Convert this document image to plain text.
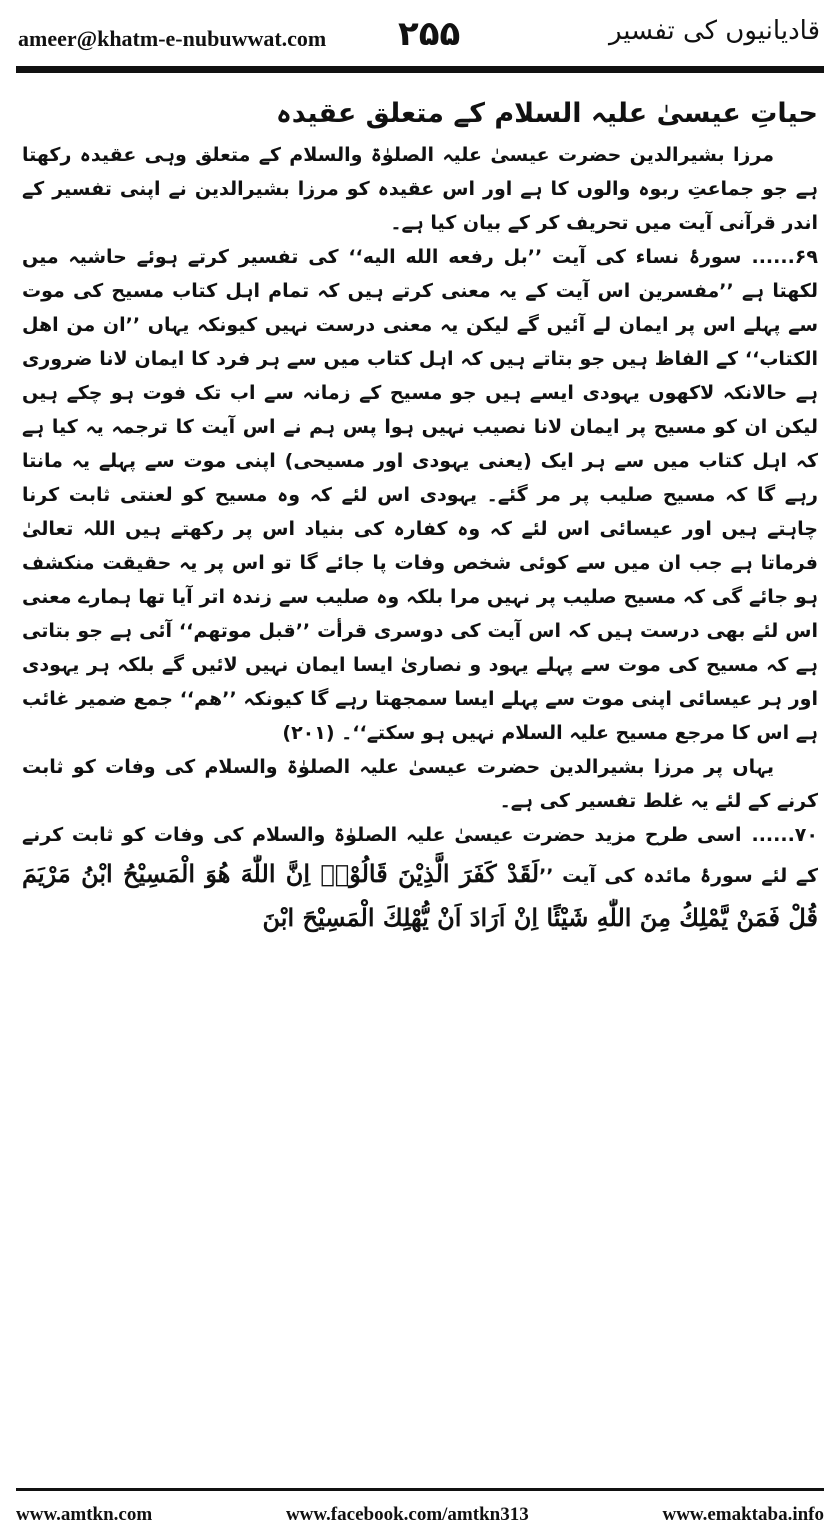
ameer@khatm-e-nubuwwat.com ۲۵۵	قادیانیوں کی تفسیر

حیاتِ عیسیٰ علیہ السلام کے متعلق عقیدہ

مرزا بشیرالدین حضرت عیسیٰ علیہ الصلوٰۃ والسلام کے متعلق وہی عقیدہ رکھتا ہے جو جماعتِ ربوہ والوں کا ہے اور اس عقیدہ کو مرزا بشیرالدین نے اپنی تفسیر کے اندر قرآنی آیت میں تحریف کر کے بیان کیا ہے۔

۶۹......سورۂ نساء کی آیت ’’بل رفعه الله اليه‘‘ کی تفسیر کرتے ہوئے حاشیہ میں لکھتا ہے ’’مفسرین اس آیت کے یہ معنی کرتے ہیں کہ تمام اہل کتاب مسیح کی موت سے پہلے اس پر ایمان لے آئیں گے لیکن یہ معنی درست نہیں کیونکہ یہاں ’’ان من اهل الکتاب‘‘ کے الفاظ ہیں جو بتاتے ہیں کہ اہل کتاب میں سے ہر فرد کا ایمان لانا ضروری ہے حالانکہ لاکھوں یہودی ایسے ہیں جو مسیح کے زمانہ سے اب تک فوت ہو چکے ہیں لیکن ان کو مسیح پر ایمان لانا نصیب نہیں ہوا پس ہم نے اس آیت کا ترجمہ یہ کیا ہے کہ اہل کتاب میں سے ہر ایک (یعنی یہودی اور مسیحی) اپنی موت سے پہلے یہ مانتا رہے گا کہ مسیح صلیب پر مر گئے۔ یہودی اس لئے کہ وہ مسیح کو لعنتی ثابت کرنا چاہتے ہیں اور عیسائی اس لئے کہ وہ کفارہ کی بنیاد اس پر رکھتے ہیں اللہ تعالیٰ فرماتا ہے جب ان میں سے کوئی شخص وفات پا جائے گا تو اس پر یہ حقیقت منکشف ہو جائے گی کہ مسیح صلیب پر نہیں مرا بلکہ وہ صلیب سے زندہ اتر آیا تھا ہمارے معنی اس لئے بھی درست ہیں کہ اس آیت کی دوسری قرأت ’’قبل موتهم‘‘ آئی ہے جو بتاتی ہے کہ مسیح کی موت سے پہلے یہود و نصاریٰ ایسا ایمان نہیں لائیں گے بلکہ ہر یہودی اور ہر عیسائی اپنی موت سے پہلے ایسا سمجھتا رہے گا کیونکہ ’’هم‘‘ جمع ضمیر غائب ہے اس کا مرجع مسیح علیہ السلام نہیں ہو سکتے‘‘۔ (۲۰۱)

یہاں پر مرزا بشیرالدین حضرت عیسیٰ علیہ الصلوٰۃ والسلام کی وفات کو ثابت کرنے کے لئے یہ غلط تفسیر کی ہے۔

۷۰......اسی طرح مزید حضرت عیسیٰ علیہ الصلوٰۃ والسلام کی وفات کو ثابت کرنے کے لئے سورۂ مائدہ کی آیت ’’لَقَدْ كَفَرَ الَّذِيْنَ قَالُوْاۤ اِنَّ اللّٰهَ هُوَ الْمَسِيْحُ ابْنُ مَرْيَمَ قُلْ فَمَنْ يَّمْلِكُ مِنَ اللّٰهِ شَيْئًا اِنْ اَرَادَ اَنْ يُّهْلِكَ الْمَسِيْحَ ابْنَ

www.amtkn.com	www.facebook.com/amtkn313	www.emaktaba.info
